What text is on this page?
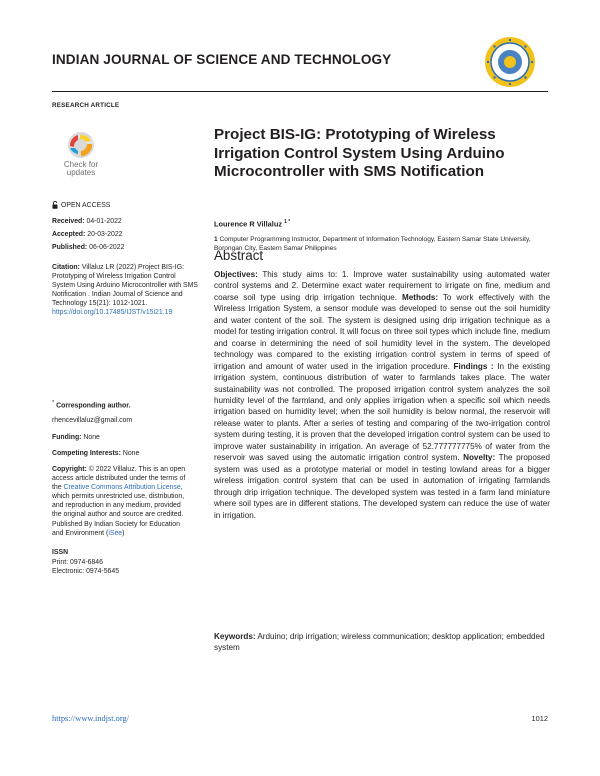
INDIAN JOURNAL OF SCIENCE AND TECHNOLOGY
RESEARCH ARTICLE
Check for
updates
OPEN ACCESS
Received: 04-01-2022
Accepted: 20-03-2022
Published: 06-06-2022
Citation: Villaluz LR (2022) Project BIS-IG: Prototyping of Wireless Irrigation Control System Using Arduino Microcontroller with SMS Notification . Indian Journal of Science and Technology 15(21): 1012-1021. https://doi.org/10.17485/IJST/v15i21.19
* Corresponding author.
rhencevillaluz@gmail.com
Funding: None
Competing Interests: None
Copyright: © 2022 Villaluz. This is an open access article distributed under the terms of the Creative Commons Attribution License, which permits unrestricted use, distribution, and reproduction in any medium, provided the original author and source are credited.
Published By Indian Society for Education and Environment (iSee)
ISSN
Print: 0974-6846
Electronic: 0974-5645
Project BIS-IG: Prototyping of Wireless Irrigation Control System Using Arduino Microcontroller with SMS Notification
Lourence R Villaluz $^{1 *}$
1 Computer Programming Instructor, Department of Information Technology, Eastern Samar State University, Borongan City, Eastern Samar Philippines
Abstract
Objectives: This study aims to: 1. Improve water sustainability using automated water control systems and 2. Determine exact water requirement to irrigate on fine, medium and coarse soil type using drip irrigation technique. Methods: To work effectively with the Wireless Irrigation System, a sensor module was developed to sense out the soil humidity and water content of the soil. The system is designed using drip irrigation technique as a model for testing irrigation control. It will focus on three soil types which include fine, medium and coarse in determining the need of soil humidity level in the system. The developed technology was compared to the existing irrigation control system in terms of speed of irrigation and amount of water used in the irrigation procedure. Findings : In the existing irrigation system, continuous distribution of water to farmlands takes place. The water sustainability was not controlled. The proposed irrigation control system analyzes the soil humidity level of the farmland, and only applies irrigation when a specific soil which needs irrigation based on humidity level; when the soil humidity is below normal, the reservoir will release water to plants. After a series of testing and comparing of the two-irrigation control system during testing, it is proven that the developed irrigation control system can be used to improve water sustainability in irrigation. An average of 52.777777775% of water from the reservoir was saved using the automatic irrigation control system. Novelty: The proposed system was used as a prototype material or model in testing lowland areas for a bigger wireless irrigation control system that can be used in automation of irrigating farmlands through drip irrigation technique. The developed system was tested in a farm land miniature where soil types are in different stations. The developed system can reduce the use of water in irrigation.
Keywords: Arduino; drip irrigation; wireless communication; desktop application; embedded system
https://www.indjst.org/	1012
